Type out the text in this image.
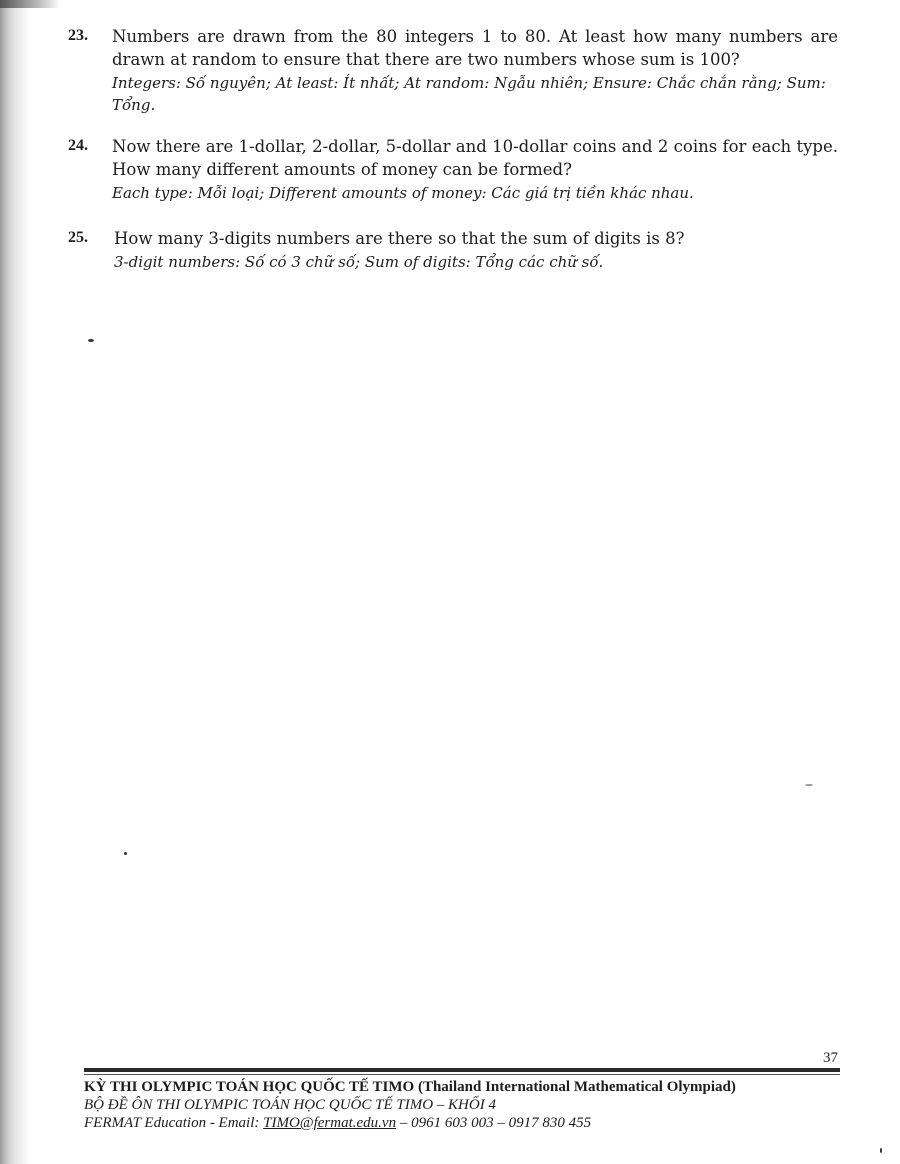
23. Numbers are drawn from the 80 integers 1 to 80. At least how many numbers are drawn at random to ensure that there are two numbers whose sum is 100?
Integers: Số nguyên; At least: Ít nhất; At random: Ngẫu nhiên; Ensure: Chắc chắn rằng; Sum: Tổng.
24. Now there are 1-dollar, 2-dollar, 5-dollar and 10-dollar coins and 2 coins for each type. How many different amounts of money can be formed?
Each type: Mỗi loại; Different amounts of money: Các giá trị tiền khác nhau.
25. How many 3-digits numbers are there so that the sum of digits is 8?
3-digit numbers: Số có 3 chữ số; Sum of digits: Tổng các chữ số.
37
KỲ THI OLYMPIC TOÁN HỌC QUỐC TẾ TIMO (Thailand International Mathematical Olympiad)
BỘ ĐỀ ÔN THI OLYMPIC TOÁN HỌC QUỐC TẾ TIMO – KHỐI 4
FERMAT Education - Email: TIMO@fermat.edu.vn – 0961 603 003 – 0917 830 455
